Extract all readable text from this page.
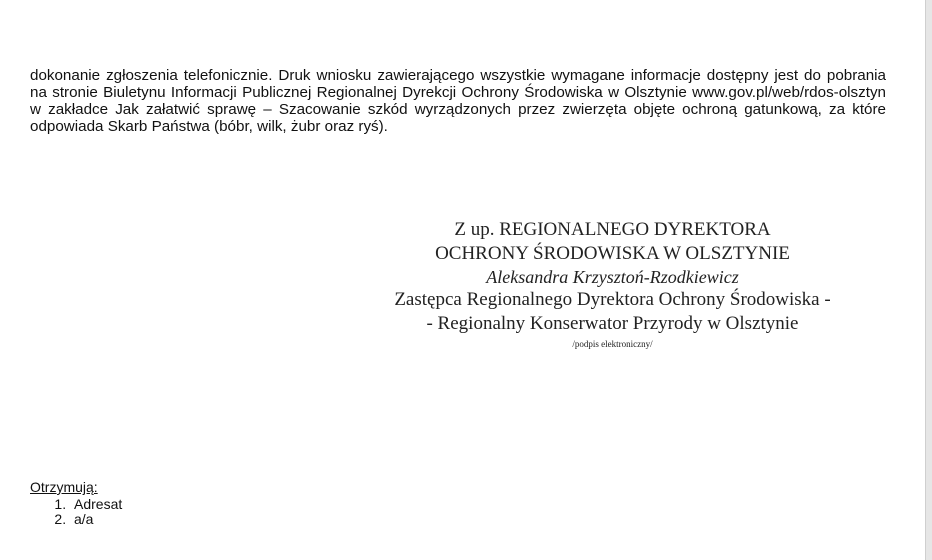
dokonanie zgłoszenia telefonicznie. Druk wniosku zawierającego wszystkie wymagane informacje dostępny jest do pobrania na stronie Biuletynu Informacji Publicznej Regionalnej Dyrekcji Ochrony Środowiska w Olsztynie www.gov.pl/web/rdos-olsztyn w zakładce Jak załatwić sprawę – Szacowanie szkód wyrządzonych przez zwierzęta objęte ochroną gatunkową, za które odpowiada Skarb Państwa (bóbr, wilk, żubr oraz ryś).

Z up. REGIONALNEGO DYREKTORA
OCHRONY ŚRODOWISKA W OLSZTYNIE
Aleksandra Krzysztoń-Rzodkiewicz
Zastępca Regionalnego Dyrektora Ochrony Środowiska -
- Regionalny Konserwator Przyrody w Olsztynie
/podpis elektroniczny/
Otrzymują:
1. Adresat
2. a/a
